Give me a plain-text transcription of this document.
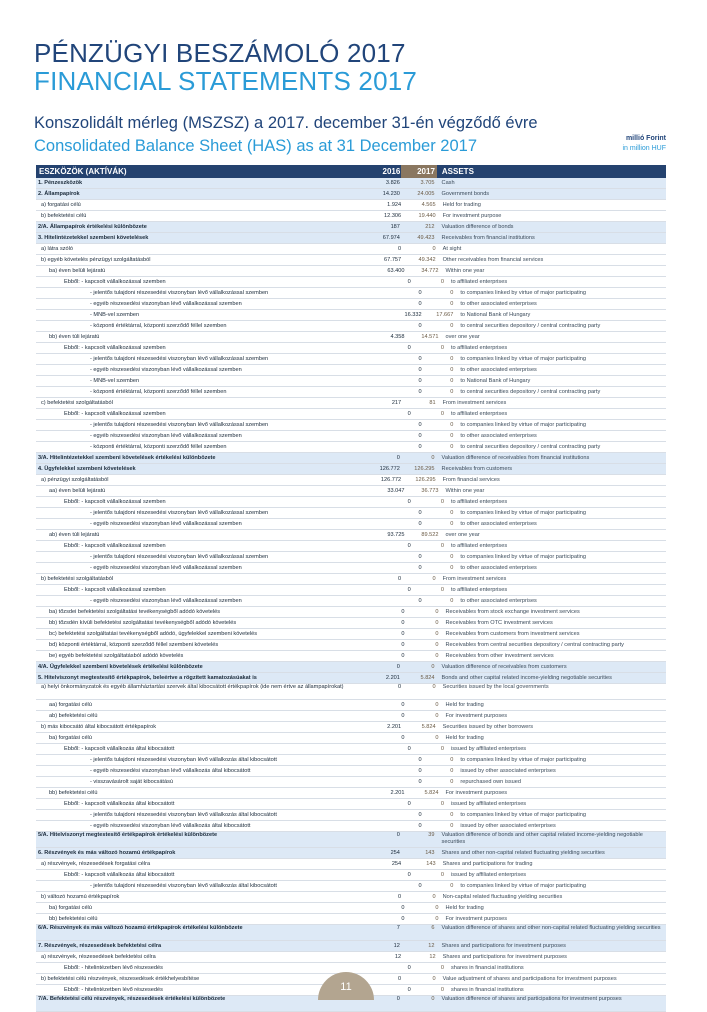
PÉNZÜGYI BESZÁMOLÓ 2017
FINANCIAL STATEMENTS 2017
Konszolidált mérleg (MSZSZ) a 2017. december 31-én végződő évre
Consolidated Balance Sheet (HAS) as at 31 December 2017	millió Forint
in million HUF
ESZKÖZÖK (AKTÍVÁK)	2016	2017 ASSETS
1. Pénzeszközök	3.826	3.705	Cash
2. Állampapírok	14.230	24.005	Government bonds
a) forgatási célú	1.924	4.565	Held for trading
b) befektetési célú	12.306	19.440	For investment purpose
2/A. Állampapírok értékelési különbözete	187	212	Valuation difference of bonds
3. Hitelintézetekkel szembeni követelések	67.974	49.423	Receivables from financial institutions
a) látra szóló	0	0	At sight
b) egyéb követelés pénzügyi szolgáltatásból	67.757	49.342	Other receivables from financial services
ba) éven belüli lejáratú	63.400	34.772	Within one year
Ebből: - kapcsolt vállalkozással szemben	0	0	to affiliated enterprises
- jelentős tulajdoni részesedési viszonyban lévő vállalkozással szemben	0	0	to companies linked by virtue of major participating
- egyéb részesedési viszonyban lévő vállalkozással szemben	0	0	to other associated enterprises
- MNB-vel szemben	16.332	17.667	to National Bank of Hungary
- központi értéktárral, központi szerződő féllel szemben	0	0	to central securities depository / central contracting party
bb) éven túli lejáratú	4.358	14.571	over one year
Ebből: - kapcsolt vállalkozással szemben	0	0	to affiliated enterprises
- jelentős tulajdoni részesedési viszonyban lévő vállalkozással szemben	0	0	to companies linked by virtue of major participating
- egyéb részesedési viszonyban lévő vállalkozással szemben	0	0	to other associated enterprises
- MNB-vel szemben	0	0	to National Bank of Hungary
- központi értéktárral, központi szerződő féllel szemben	0	0	to central securities depository / central contracting party
c) befektetési szolgáltatásból	217	81	From investment services
Ebből: - kapcsolt vállalkozással szemben	0	0	to affiliated enterprises
- jelentős tulajdoni részesedési viszonyban lévő vállalkozással szemben	0	0	to companies linked by virtue of major participating
- egyéb részesedési viszonyban lévő vállalkozással szemben	0	0	to other associated enterprises
- központi értéktárral, központi szerződő féllel szemben	0	0	to central securities depository / central contracting party
3/A. Hitelintézetekkel szembeni követelések értékelési különbözete	0	0	Valuation difference of receivables from financial institutions
4. Ügyfelekkel szembeni követelések	126.772	126.295	Receivables from customers
a) pénzügyi szolgáltatásból	126.772	126.295	From financial services
aa) éven belüli lejáratú	33.047	36.773	Within one year
Ebből: - kapcsolt vállalkozással szemben	0	0	to affiliated enterprises
- jelentős tulajdoni részesedési viszonyban lévő vállalkozással szemben	0	0	to companies linked by virtue of major participating
- egyéb részesedési viszonyban lévő vállalkozással szemben	0	0	to other associated enterprises
ab) éven túli lejáratú	93.725	89.522	over one year
Ebből: - kapcsolt vállalkozással szemben	0	0	to affiliated enterprises
- jelentős tulajdoni részesedési viszonyban lévő vállalkozással szemben	0	0	to companies linked by virtue of major participating
- egyéb részesedési viszonyban lévő vállalkozással szemben	0	0	to other associated enterprises
b) befektetési szolgáltatásból	0	0	From investment services
Ebből: - kapcsolt vállalkozással szemben	0	0	to affiliated enterprises
- egyéb részesedési viszonyban lévő vállalkozással szemben	0	0	to other associated enterprises
ba) tőzsdei befektetési szolgáltatási tevékenységből adódó követelés	0	0	Receivables from stock exchange investment services
bb) tőzsdén kívüli befektetési szolgáltatási tevékenységből adódó követelés	0	0	Receivables from OTC investment services
bc) befektetési szolgáltatási tevékenységből adódó, ügyfelekkel szembeni követelés	0	0	Receivables from customers from investment services
bd) központi értéktárral, központi szerződő féllel szembeni követelés	0	0	Receivables from central securities depository / central contracting party
be) egyéb befektetési szolgáltatásból adódó követelés	0	0	Receivables from other investment services
4/A. Ügyfelekkel szembeni követelések értékelési különbözete	0	0	Valuation difference of receivables from customers
5. Hitelviszonyt megtestesítő értékpapírok, beleértve a rögzített kamatozásúakat is	2.201	5.824	Bonds and other capital related income-yielding negotiable securities
a) helyi önkormányzatok és egyéb államháztartási szervek által kibocsátott értékpapírok (ide nem értve az állampapírokat)	0	0	Securities issued by the local governments
aa) forgatási célú	0	0	Held for trading
ab) befektetési célú	0	0	For investment purposes
b) más kibocsátó által kibocsátott értékpapírok	2.201	5.824	Securities issued by other borrowers
ba) forgatási célú	0	0	Held for trading
Ebből: - kapcsolt vállalkozás által kibocsátott	0	0	issued by affiliated enterprises
- jelentős tulajdoni részesedési viszonyban lévő vállalkozás által kibocsátott	0	0	to companies linked by virtue of major participating
- egyéb részesedési viszonyban lévő vállalkozás által kibocsátott	0	0	issued by other associated enterprises
- visszavásárolt saját kibocsátású	0	0	repurchased own issued
bb) befektetési célú	2.201	5.824	For investment purposes
Ebből: - kapcsolt vállalkozás által kibocsátott	0	0	issued by affiliated enterprises
- jelentős tulajdoni részesedési viszonyban lévő vállalkozás által kibocsátott	0	0	to companies linked by virtue of major participating
- egyéb részesedési viszonyban lévő vállalkozás által kibocsátott	0	0	issued by other associated enterprises
5/A. Hitelviszonyt megtestesítő értékpapírok értékelési különbözete	0	39	Valuation difference of bonds and other capital related income-yielding negotiable securities
6. Részvények és más változó hozamú értékpapírok	254	143	Shares and other non-capital related fluctuating yielding securities
a) részvények, részesedések forgatási célra	254	143	Shares and participations for trading
Ebből: - kapcsolt vállalkozás által kibocsátott	0	0	issued by affiliated enterprises
- jelentős tulajdoni részesedési viszonyban lévő vállalkozás által kibocsátott	0	0	to companies linked by virtue of major participating
b) változó hozamú értékpapírok	0	0	Non-capital related fluctuating yielding securities
ba) forgatási célú	0	0	Held for trading
bb) befektetési célú	0	0	For investment purposes
6/A. Részvények és más változó hozamú értékpapírok értékelési különbözete	7	6	Valuation difference of shares and other non-capital related fluctuating yielding securities
7. Részvények, részesedések befektetési célra	12	12	Shares and participations for investment purposes
a) részvények, részesedések befektetési célra	12	12	Shares and participations for investment purposes
Ebből: - hitelintézetben lévő részesedés	0	0	shares in financial institutions
b) befektetési célú részvények, részesedések értékhelyesbítése	0	0	Value adjustment of shares and participations for investment purposes
Ebből: - hitelintézetben lévő részesedés	0	0	shares in financial institutions
7/A. Befektetési célú részvények, részesedések értékelési különbözete	0	0	Valuation difference of shares and participations for investment purposes
11
